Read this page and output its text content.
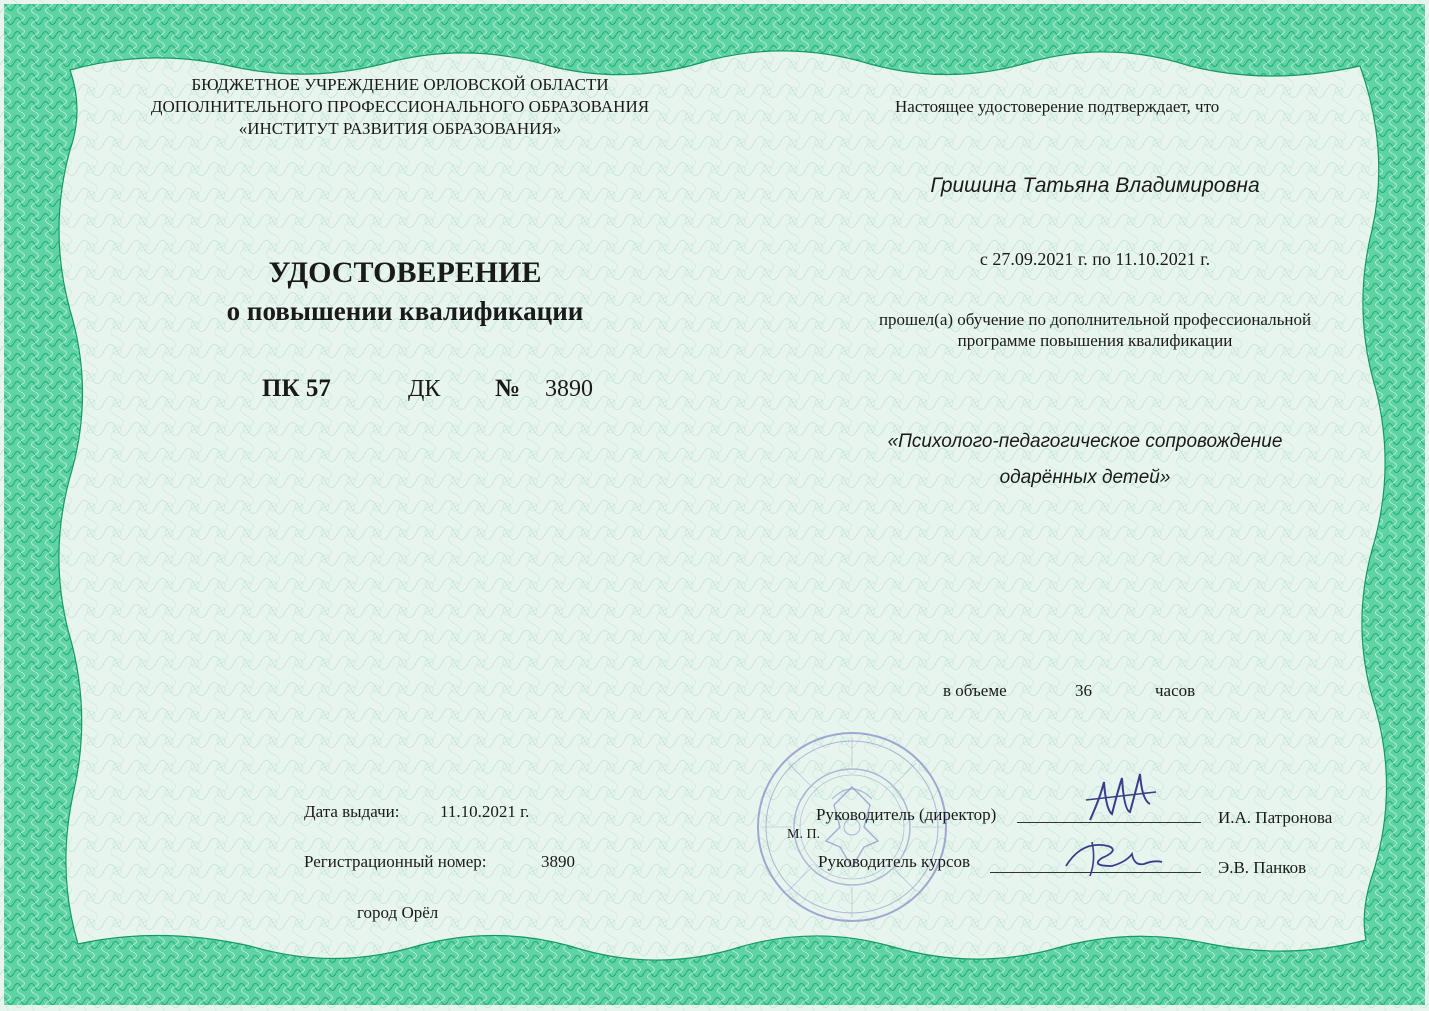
БЮДЖЕТНОЕ УЧРЕЖДЕНИЕ ОРЛОВСКОЙ ОБЛАСТИ
ДОПОЛНИТЕЛЬНОГО ПРОФЕССИОНАЛЬНОГО ОБРАЗОВАНИЯ
«ИНСТИТУТ РАЗВИТИЯ ОБРАЗОВАНИЯ»
УДОСТОВЕРЕНИЕ
о повышении квалификации
ПК 57	ДК № 3890
Дата выдачи: 11.10.2021 г.
Регистрационный номер:	3890
город Орёл
Настоящее удостоверение подтверждает, что
Гришина Татьяна Владимировна
с 27.09.2021 г. по 11.10.2021 г.
прошел(а) обучение по дополнительной профессиональной
программе повышения квалификации
«Психолого-педагогическое сопровождение
одарённых детей»
в объеме	36	часов
Руководитель (директор)
М. П.
Руководитель курсов
И.А. Патронова
Э.В. Панков
